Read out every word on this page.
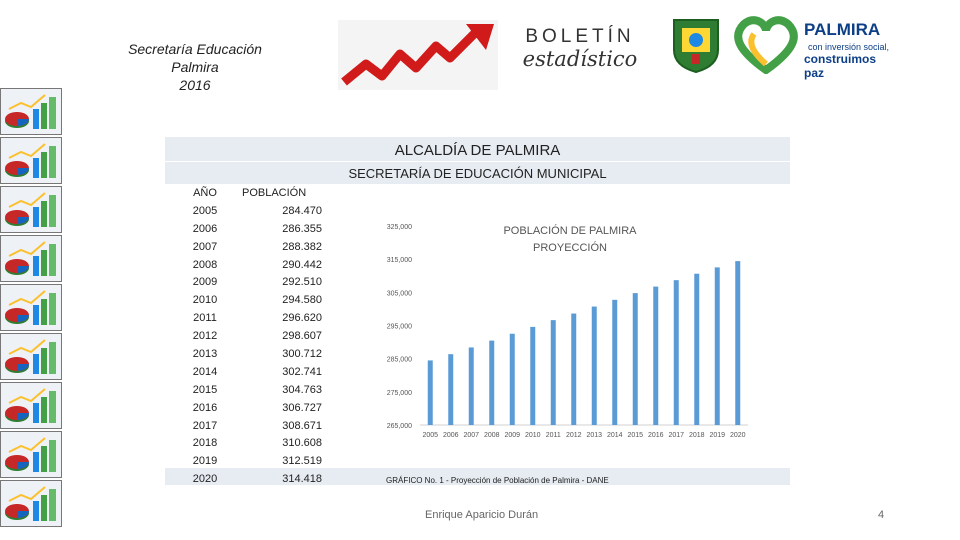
Secretaría Educación
Palmira
2016
BOLETÍN
estadístico
PALMIRA
con inversión social,
construimos paz
ALCALDÍA DE PALMIRA
SECRETARÍA DE EDUCACIÓN MUNICIPAL
AÑO	POBLACIÓN
2005	284.470
2006	286.355
2007	288.382
2008	290.442
2009	292.510
2010	294.580
2011	296.620
2012	298.607
2013	300.712
2014	302.741
2015	304.763
2016	306.727
2017	308.671
2018	310.608
2019	312.519
2020	314.418
265,000
275,000
285,000
295,000
305,000
315,000
325,000
2005 2006 2007 2008 2009 2010 2011 2012 2013 2014 2015 2016 2017 2018 2019 2020
POBLACIÓN DE PALMIRA
PROYECCIÓN
GRÁFICO No. 1 - Proyección de Población de Palmira - DANE
Enrique Aparicio Durán	4
